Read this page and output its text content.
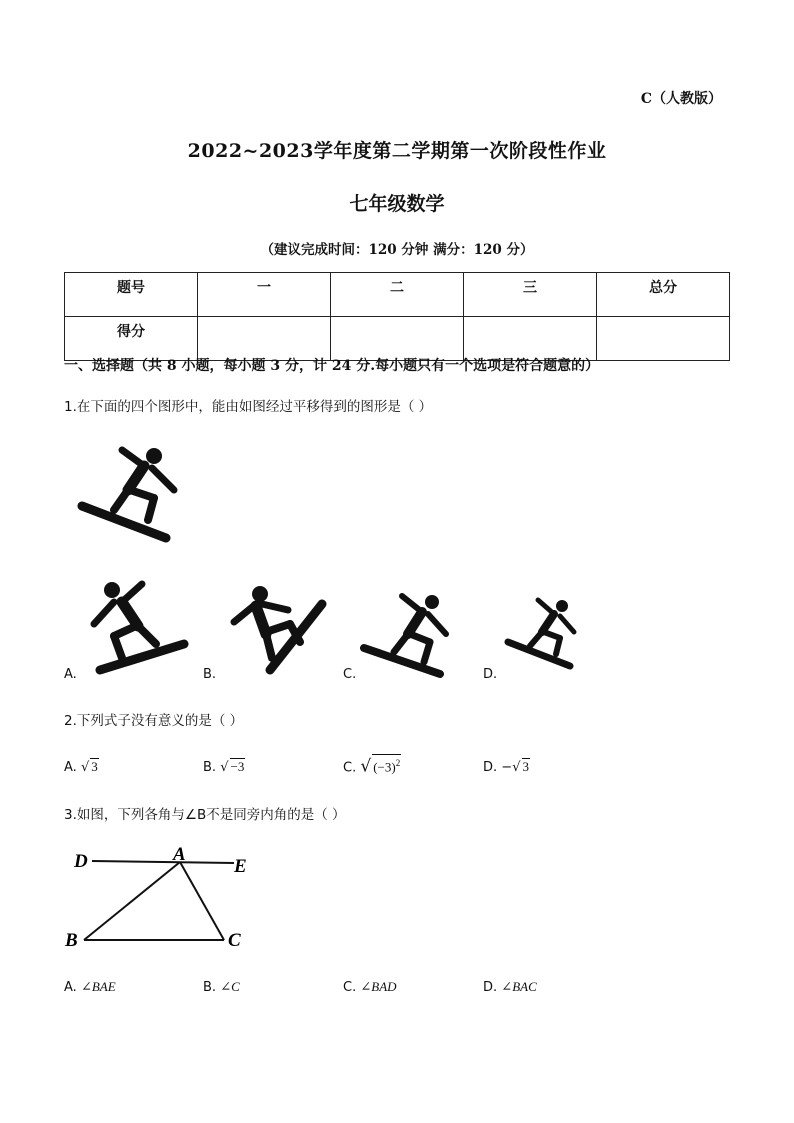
C（人教版）
2022~2023学年度第二学期第一次阶段性作业
七年级数学
（建议完成时间：120 分钟 满分：120 分）
题号	一	二	三	总分
得分				
一、选择题（共 8 小题，每小题 3 分，计 24 分.每小题只有一个选项是符合题意的）
1.在下面的四个图形中，能由如图经过平移得到的图形是（ ）
A.	B.	C.	D.
2.下列式子没有意义的是（ ）
A. √ 3	B. √ −3	C. √ $(-3)^2$	D. −√ 3
3.如图，下列各角与∠B不是同旁内角的是（ ）
D	A
E
B	C
A. ∠BAE	B. ∠C	C. ∠BAD	D. ∠BAC
